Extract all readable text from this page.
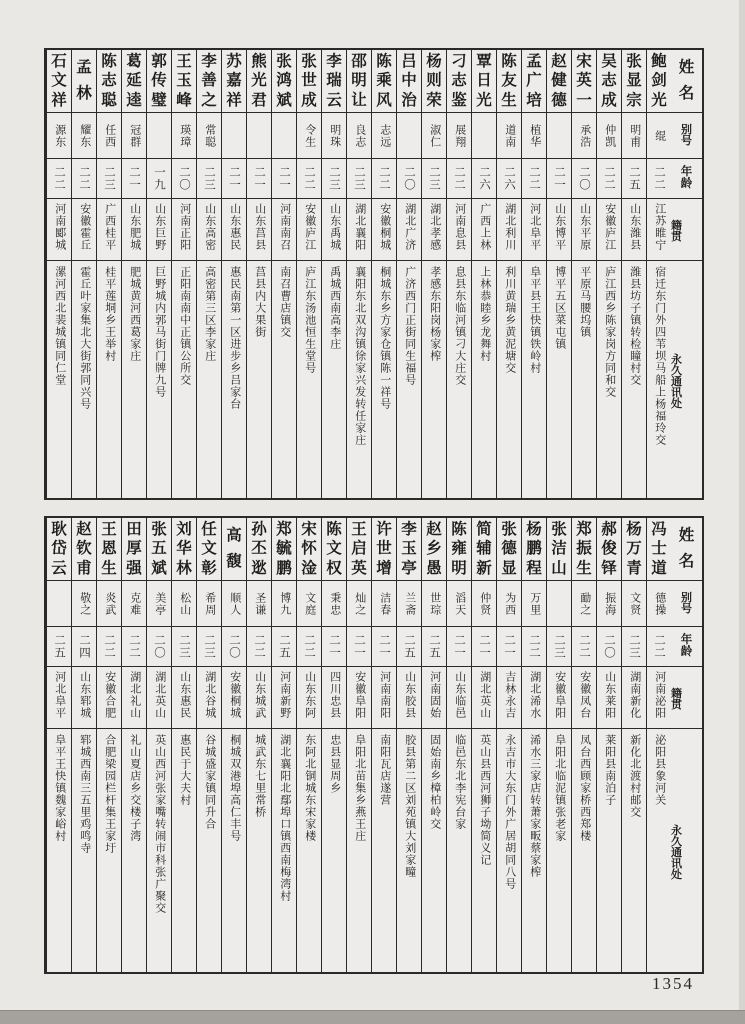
姓
名
别
号
年
龄
籍
贯
永
久
通
讯
处
鲍
剑
光
绲
二二
江苏睢宁
宿迁东门外四苇坝马船上杨福玲交
张
显
宗
明甫
二五
山东潍县
潍县坊子镇转检瞳村交
吴
志
成
仲凯
二二
安徽庐江
庐江西乡陈家岗方同和交
宋
英
一
承浩
二〇
山东平原
平原马腰坞镇
赵
健
德
二一
山东博平
博平五区菜屯镇
孟
广
培
植华
二二
河北阜平
阜平县王快镇铁岭村
陈
友
生
道南
二六
湖北利川
利川黄瑞乡黄泥塘交
覃
日
光
二六
广西上林
上林恭睦乡龙舞村
刁
志
鉴
展翔
二二
河南息县
息县东临河镇刁大庄交
杨
则
荣
淑仁
二三
湖北孝感
孝感东阳岗杨家榨
吕
中
治
二〇
湖北广济
广济西门正街同生福号
陈
乘
风
志远
二二
安徽桐城
桐城东乡方家仓镇陈一祥号
邵
明
让
良志
二三
湖北襄阳
襄阳东北双沟镇徐家兴发转任家庄
李
瑞
云
明珠
二三
山东禹城
禹城西南高李庄
张
世
成
令生
二二
安徽庐江
庐江东汤池恒生堂号
张
鸿
斌
二一
河南南召
南召曹店镇交
熊
光
君
二一
山东莒县
莒县内大果街
苏
嘉
祥
二一
山东惠民
惠民南第一区进步乡吕家台
李
善
之
常聪
二三
山东高密
高密第三区李家庄
王
玉
峰
瑛璋
二〇
河南正阳
正阳南南中正镇公所交
郭
传
璧
一九
山东巨野
巨野城内郭马街门牌九号
葛
延
逵
冠群
二一
山东肥城
肥城黄河西葛家庄
陈
志
聪
任西
二三
广西桂平
桂平莲垌乡王举村
孟
林
耀东
二二
安徽霍丘
霍丘叶家集北大街郭同兴号
石
文
祥
源东
二二
河南郾城
漯河西北裴城镇同仁堂
姓
名
别
号
年
龄
籍
贯
永
久
通
讯
处
冯
士
道
德操
二二
河南泌阳
泌阳县象河关
杨
万
青
文贤
二三
湖南新化
新化北渡村邮交
郝
俊
铎
振海
二〇
山东莱阳
莱阳县南泊子
郑
振
生
勔之
二二
安徽凤台
凤台西顾家桥西郑楼
张
洁
山
二三
安徽阜阳
阜阳北临泥镇张老家
杨
鹏
程
万里
二二
湖北浠水
浠水三家店转萧家畈蔡家榨
张
德
显
为西
二一
吉林永吉
永吉市大东门外广居胡同八号
简
辅
新
仲贤
二一
湖北英山
英山县西河狮子坳简义记
陈
雍
明
滔天
二一
山东临邑
临邑东北李宪台家
赵
乡
愚
世琮
二五
河南固始
固始南乡樟柏岭交
李
玉
亭
兰斋
二五
山东胶县
胶县第二区刘苑镇大刘家疃
许
世
增
洁春
二一
河南南阳
南阳瓦店遂营
王
启
英
灿之
二一
安徽阜阳
阜阳北苗集乡燕王庄
陈
文
权
秉忠
二一
四川忠县
忠县显周乡
宋
怀
淦
文庭
二二
山东东阿
东阿北铜城东宋家楼
郑
毓
鹏
博九
二五
河南新野
湖北襄阳北鄢埠口镇西南梅湾村
孙
丕
逖
圣谦
二二
山东城武
城武东七里常桥
高
馥
顺人
二〇
安徽桐城
桐城双港埠高仁丰号
任
文
彰
希周
二三
湖北谷城
谷城盛家镇同升合
刘
华
林
松山
二三
山东惠民
惠民于大夫村
张
五
斌
美亭
二〇
湖北英山
英山西河张家嘴转闹市科张广聚交
田
厚
强
克难
二二
湖北礼山
礼山夏店乡交楼子湾
王
恩
生
炎武
二二
安徽合肥
合肥梁园栏杆集王家圩
赵
钦
甫
敬之
二四
山东郓城
郓城西南三五里鸡鸣寺
耿
岱
云
二五
河北阜平
阜平王快镇魏家峪村
1354
